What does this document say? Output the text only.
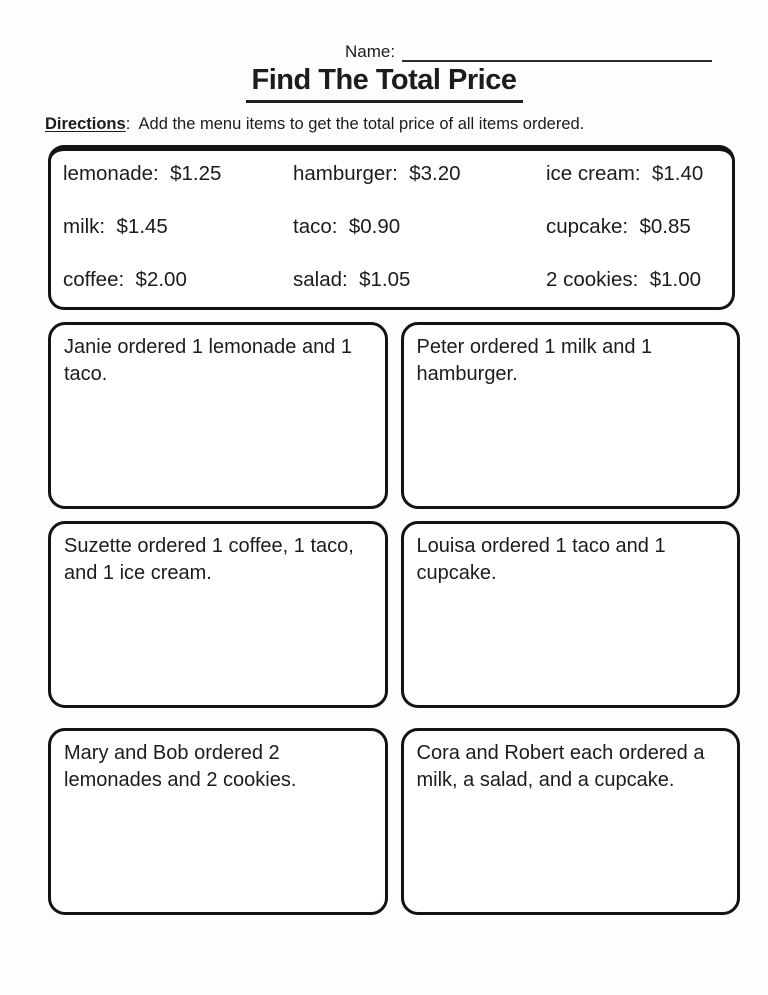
Name:
Find The Total Price

Directions:  Add the menu items to get the total price of all items ordered.

lemonade:  $1.25	hamburger:  $3.20	ice cream:  $1.40
milk:  $1.45	taco:  $0.90	cupcake:  $0.85
coffee:  $2.00	salad:  $1.05	2 cookies:  $1.00

Janie ordered 1 lemonade and 1 taco.

Peter ordered 1 milk and 1 hamburger.

Suzette ordered 1 coffee, 1 taco, and 1 ice cream.

Louisa ordered 1 taco and 1 cupcake.

Mary and Bob ordered 2 lemonades and 2 cookies.

Cora and Robert each ordered a milk, a salad, and a cupcake.
